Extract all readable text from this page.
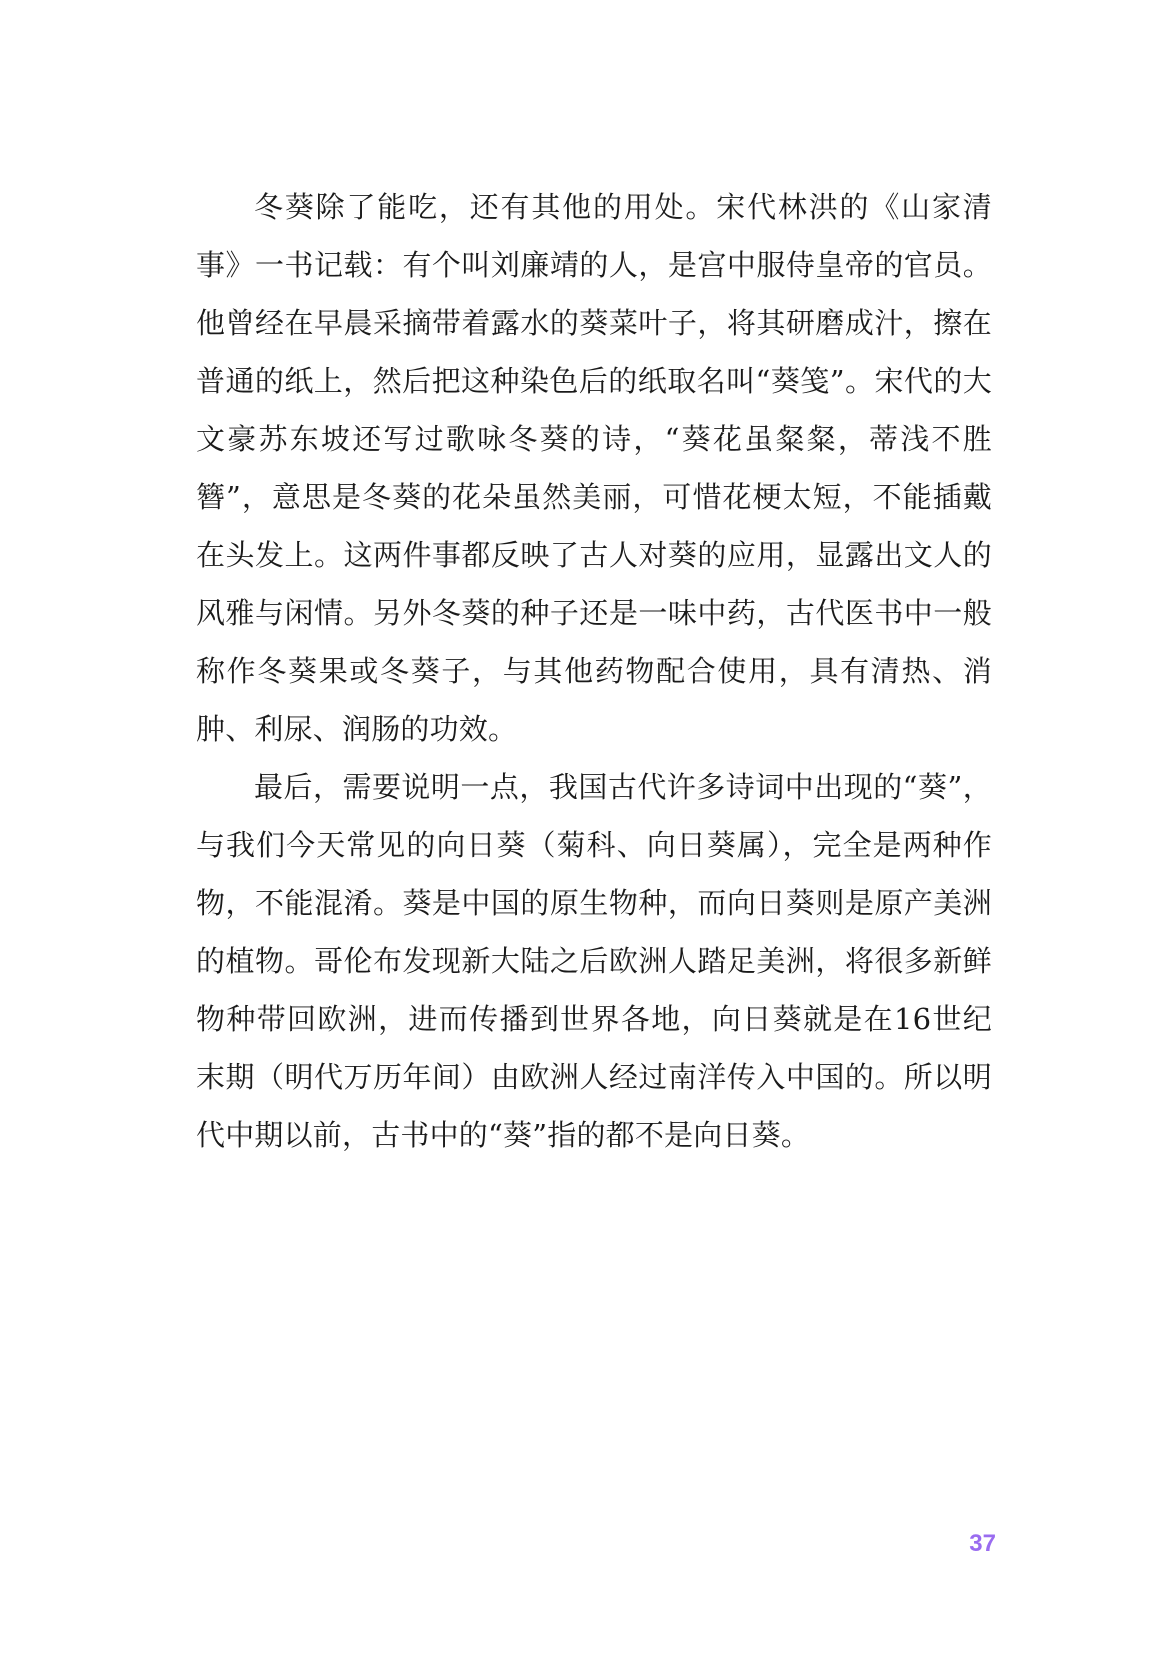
冬葵除了能吃，还有其他的用处。宋代林洪的《山家清事》一书记载：有个叫刘廉靖的人，是宫中服侍皇帝的官员。他曾经在早晨采摘带着露水的葵菜叶子，将其研磨成汁，擦在普通的纸上，然后把这种染色后的纸取名叫“葵笺”。宋代的大文豪苏东坡还写过歌咏冬葵的诗，“葵花虽粲粲，蒂浅不胜簪”，意思是冬葵的花朵虽然美丽，可惜花梗太短，不能插戴在头发上。这两件事都反映了古人对葵的应用，显露出文人的风雅与闲情。另外冬葵的种子还是一味中药，古代医书中一般称作冬葵果或冬葵子，与其他药物配合使用，具有清热、消肿、利尿、润肠的功效。

最后，需要说明一点，我国古代许多诗词中出现的“葵”，与我们今天常见的向日葵（菊科、向日葵属），完全是两种作物，不能混淆。葵是中国的原生物种，而向日葵则是原产美洲的植物。哥伦布发现新大陆之后欧洲人踏足美洲，将很多新鲜物种带回欧洲，进而传播到世界各地，向日葵就是在16世纪末期（明代万历年间）由欧洲人经过南洋传入中国的。所以明代中期以前，古书中的“葵”指的都不是向日葵。

37
